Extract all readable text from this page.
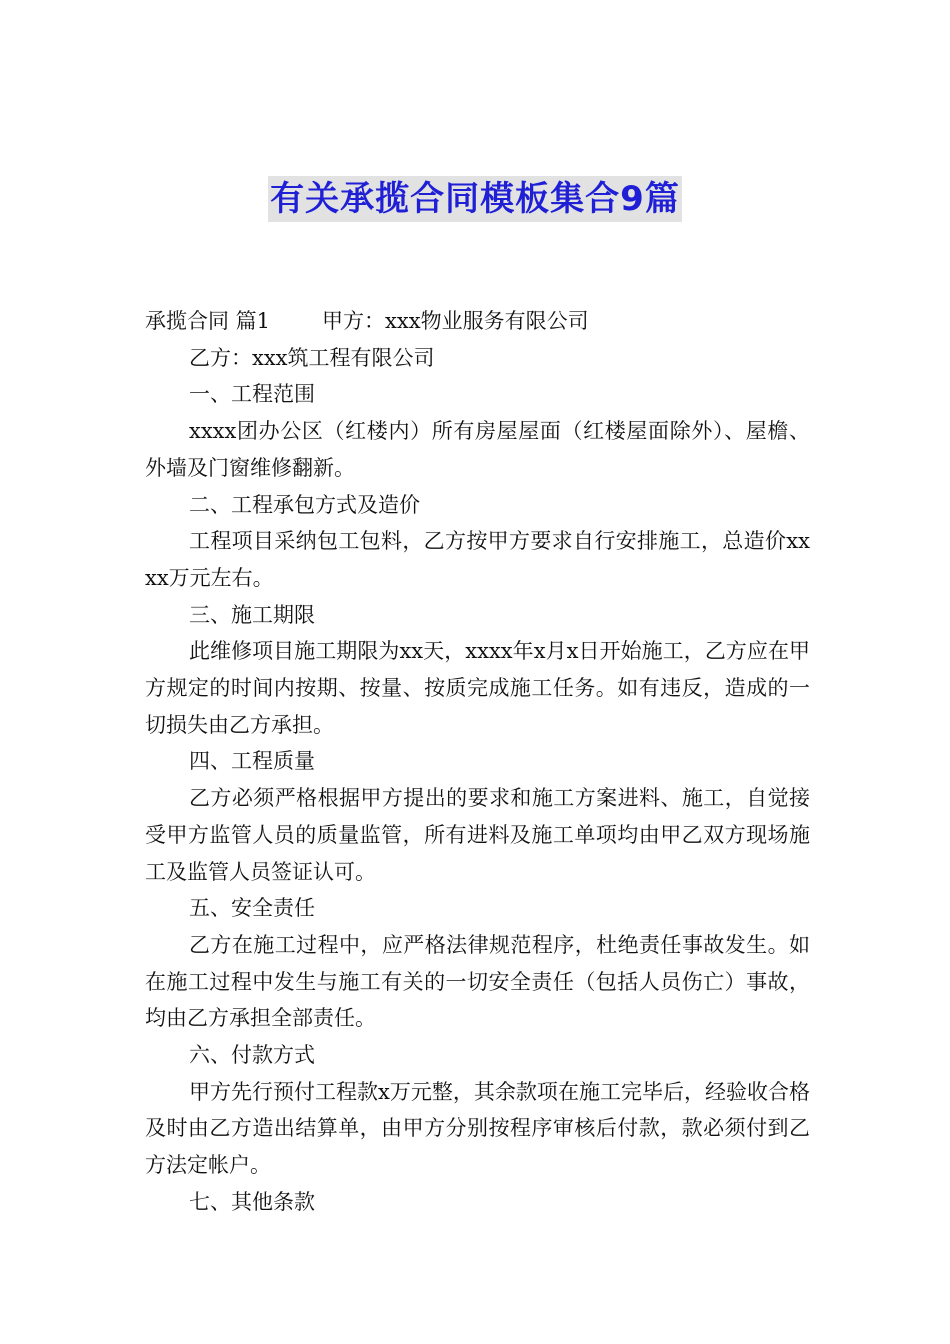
有关承揽合同模板集合9篇

承揽合同 篇1 甲方：xxx物业服务有限公司

乙方：xxx筑工程有限公司

一、工程范围

xxxx团办公区（红楼内）所有房屋屋面（红楼屋面除外）、屋檐、外墙及门窗维修翻新。

二、工程承包方式及造价

工程项目采纳包工包料，乙方按甲方要求自行安排施工，总造价xxxx万元左右。

三、施工期限

此维修项目施工期限为xx天，xxxx年x月x日开始施工，乙方应在甲方规定的时间内按期、按量、按质完成施工任务。如有违反，造成的一切损失由乙方承担。

四、工程质量

乙方必须严格根据甲方提出的要求和施工方案进料、施工，自觉接受甲方监管人员的质量监管，所有进料及施工单项均由甲乙双方现场施工及监管人员签证认可。

五、安全责任

乙方在施工过程中，应严格法律规范程序，杜绝责任事故发生。如在施工过程中发生与施工有关的一切安全责任（包括人员伤亡）事故，均由乙方承担全部责任。

六、付款方式

甲方先行预付工程款x万元整，其余款项在施工完毕后，经验收合格及时由乙方造出结算单，由甲方分别按程序审核后付款，款必须付到乙方法定帐户。

七、其他条款
